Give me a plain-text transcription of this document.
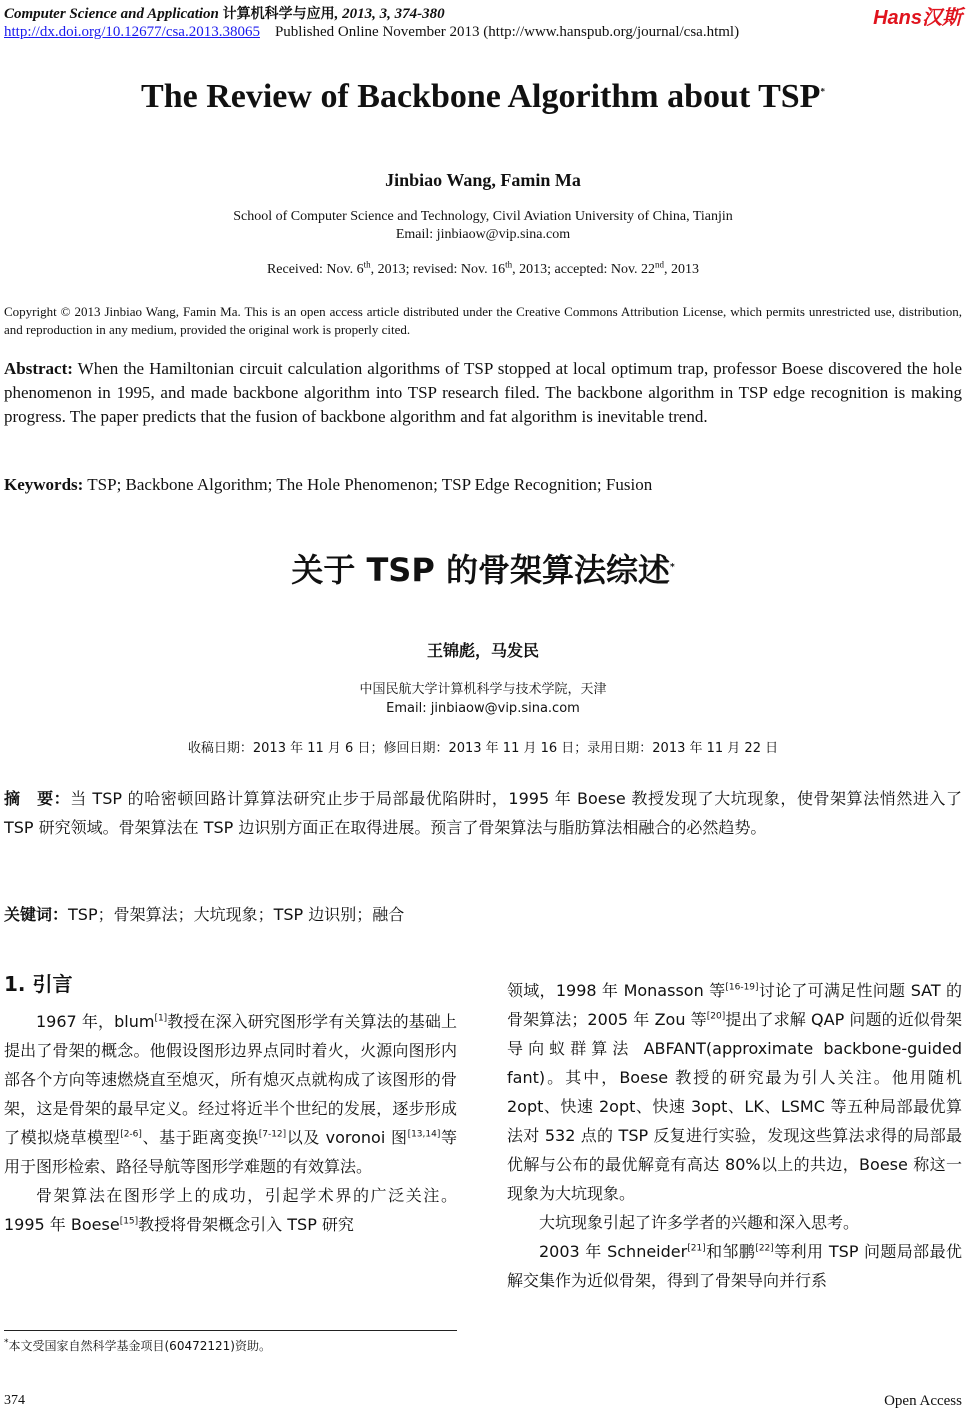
Computer Science and Application 计算机科学与应用, 2013, 3, 374-380	Hans汉斯
http://dx.doi.org/10.12677/csa.2013.38065 Published Online November 2013 (http://www.hanspub.org/journal/csa.html)
The Review of Backbone Algorithm about TSP*
Jinbiao Wang, Famin Ma
School of Computer Science and Technology, Civil Aviation University of China, Tianjin
Email: jinbiaow@vip.sina.com
Received: Nov. 6th, 2013; revised: Nov. 16th, 2013; accepted: Nov. 22nd, 2013
Copyright © 2013 Jinbiao Wang, Famin Ma. This is an open access article distributed under the Creative Commons Attribution License, which permits unrestricted use, distribution, and reproduction in any medium, provided the original work is properly cited.
Abstract: When the Hamiltonian circuit calculation algorithms of TSP stopped at local optimum trap, professor Boese discovered the hole phenomenon in 1995, and made backbone algorithm into TSP research filed. The backbone algorithm in TSP edge recognition is making progress. The paper predicts that the fusion of backbone algorithm and fat algorithm is inevitable trend.
Keywords: TSP; Backbone Algorithm; The Hole Phenomenon; TSP Edge Recognition; Fusion
关于 TSP 的骨架算法综述*
王锦彪，马发民
中国民航大学计算机科学与技术学院，天津
Email: jinbiaow@vip.sina.com
收稿日期：2013 年 11 月 6 日；修回日期：2013 年 11 月 16 日；录用日期：2013 年 11 月 22 日
摘　要：当 TSP 的哈密顿回路计算算法研究止步于局部最优陷阱时，1995 年 Boese 教授发现了大坑现象，使骨架算法悄然进入了 TSP 研究领域。骨架算法在 TSP 边识别方面正在取得进展。预言了骨架算法与脂肪算法相融合的必然趋势。
关键词：TSP；骨架算法；大坑现象；TSP 边识别；融合
1. 引言

1967 年，blum[1]教授在深入研究图形学有关算法的基础上提出了骨架的概念。他假设图形边界点同时着火，火源向图形内部各个方向等速燃烧直至熄灭，所有熄灭点就构成了该图形的骨架，这是骨架的最早定义。经过将近半个世纪的发展，逐步形成了模拟烧草模型[2-6]、基于距离变换[7-12]以及 voronoi 图[13,14]等用于图形检索、路径导航等图形学难题的有效算法。

骨架算法在图形学上的成功，引起学术界的广泛关注。1995 年 Boese[15]教授将骨架概念引入 TSP 研究

领域，1998 年 Monasson 等[16-19]讨论了可满足性问题 SAT 的骨架算法；2005 年 Zou 等[20]提出了求解 QAP 问题的近似骨架导向蚁群算法 ABFANT(approximate backbone-guided fant)。其中，Boese 教授的研究最为引人关注。他用随机 2opt、快速 2opt、快速 3opt、LK、LSMC 等五种局部最优算法对 532 点的 TSP 反复进行实验，发现这些算法求得的局部最优解与公布的最优解竟有高达 80%以上的共边，Boese 称这一现象为大坑现象。

大坑现象引起了许多学者的兴趣和深入思考。

2003 年 Schneider[21]和邹鹏[22]等利用 TSP 问题局部最优解交集作为近似骨架，得到了骨架导向并行系

*本文受国家自然科学基金项目(60472121)资助。
374	Open Access
